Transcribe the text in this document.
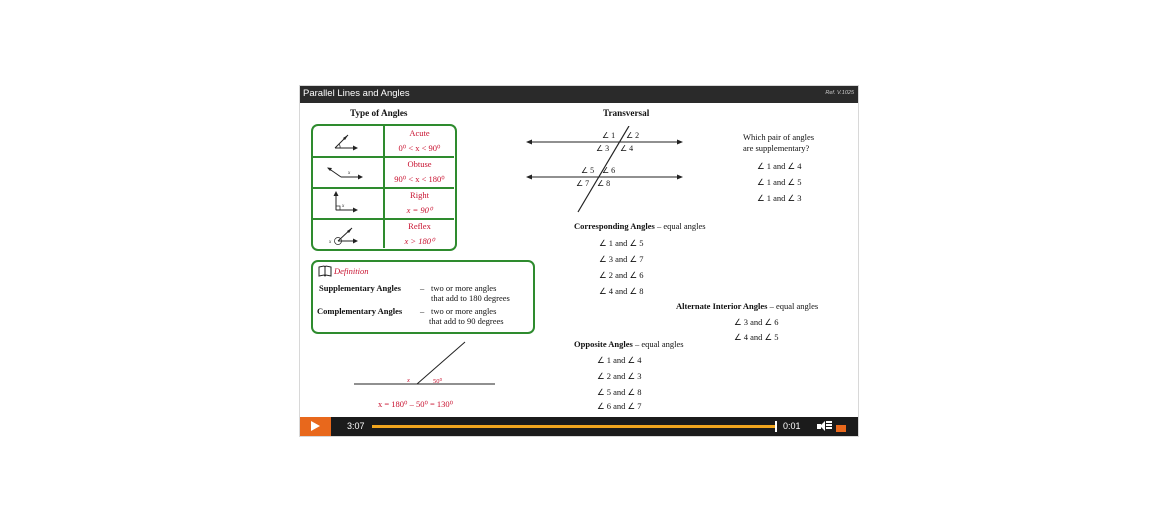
Parallel Lines and Angles	Ref. V.1025
Type of Angles
x
x
x
Acute
0⁰ < x < 90⁰
Obtuse
90⁰ < x < 180⁰
Right
x = 90⁰
Reflex
x > 180⁰
Definition
Supplementary Angles – two or more angles
that add to 180 degrees
Complementary Angles – two or more angles
that add to 90 degrees
x	50⁰
x = 180⁰ – 50⁰ = 130⁰
Transversal
∠ 1 ∠ 2
∠ 3 ∠ 4
∠ 5 ∠ 6
∠ 7 ∠ 8
Which pair of angles
are supplementary?
∠ 1 and ∠ 4
∠ 1 and ∠ 5
∠ 1 and ∠ 3
Corresponding Angles – equal angles
∠ 1 and ∠ 5
∠ 3 and ∠ 7
∠ 2 and ∠ 6
∠ 4 and ∠ 8
Alternate Interior Angles – equal angles
∠ 3 and ∠ 6
∠ 4 and ∠ 5
Opposite Angles – equal angles
∠ 1 and ∠ 4
∠ 2 and ∠ 3
∠ 5 and ∠ 8
∠ 6 and ∠ 7
3:07	0:01
